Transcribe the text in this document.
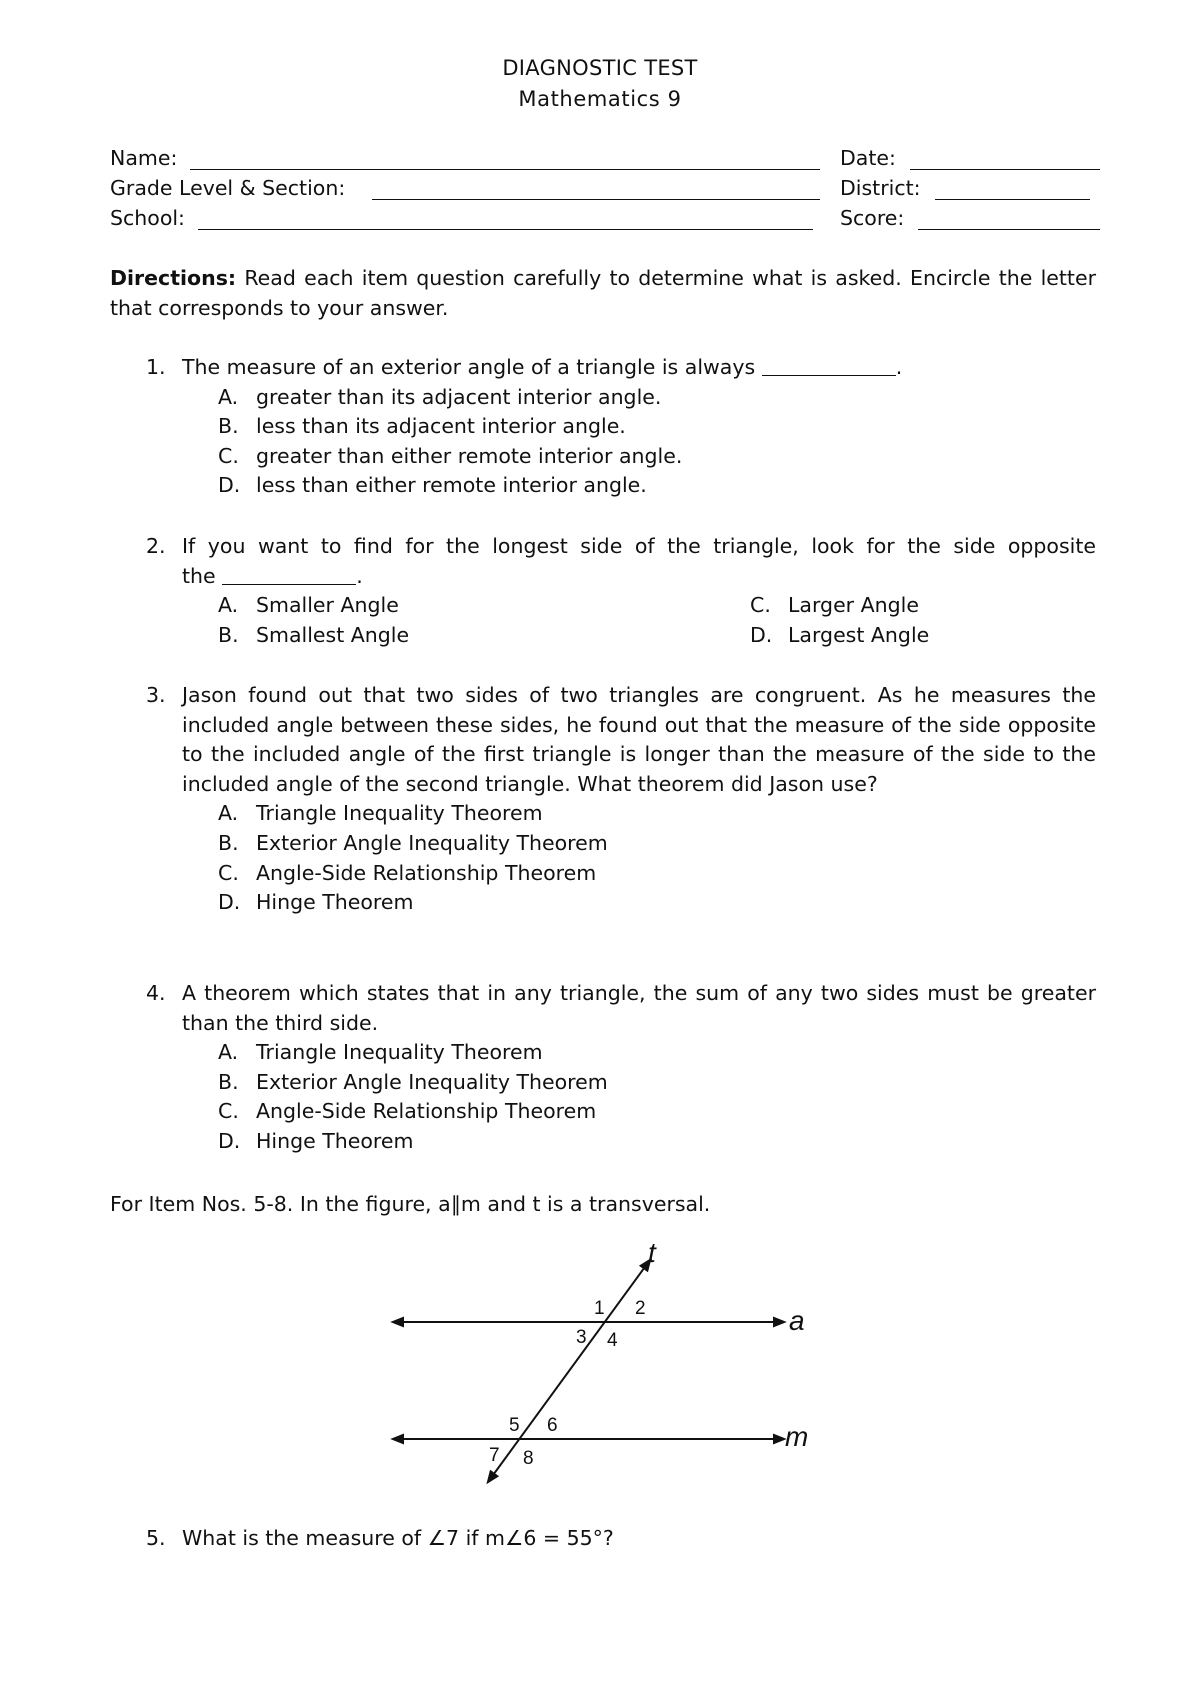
DIAGNOSTIC TEST
Mathematics 9
Name:	Date:
Grade Level & Section:	District:
School:	Score:
Directions: Read each item question carefully to determine what is asked. Encircle the letter that corresponds to your answer.
1. The measure of an exterior angle of a triangle is always	.
A. greater than its adjacent interior angle.
B. less than its adjacent interior angle.
C. greater than either remote interior angle.
D. less than either remote interior angle.
2. If you want to find for the longest side of the triangle, look for the side opposite
the	.
A. Smaller Angle	C. Larger Angle
B. Smallest Angle	D. Largest Angle
3. Jason found out that two sides of two triangles are congruent. As he measures the included angle between these sides, he found out that the measure of the side opposite to the included angle of the first triangle is longer than the measure of the side to the included angle of the second triangle. What theorem did Jason use?
A. Triangle Inequality Theorem
B. Exterior Angle Inequality Theorem
C. Angle-Side Relationship Theorem
D. Hinge Theorem
4. A theorem which states that in any triangle, the sum of any two sides must be greater than the third side.
A. Triangle Inequality Theorem
B. Exterior Angle Inequality Theorem
C. Angle-Side Relationship Theorem
D. Hinge Theorem
For Item Nos. 5-8. In the figure, a∥m and t is a transversal.
t
a
m
1 2
3 4
5 6
7 8
5. What is the measure of ∠7 if m∠6 = 55°?
